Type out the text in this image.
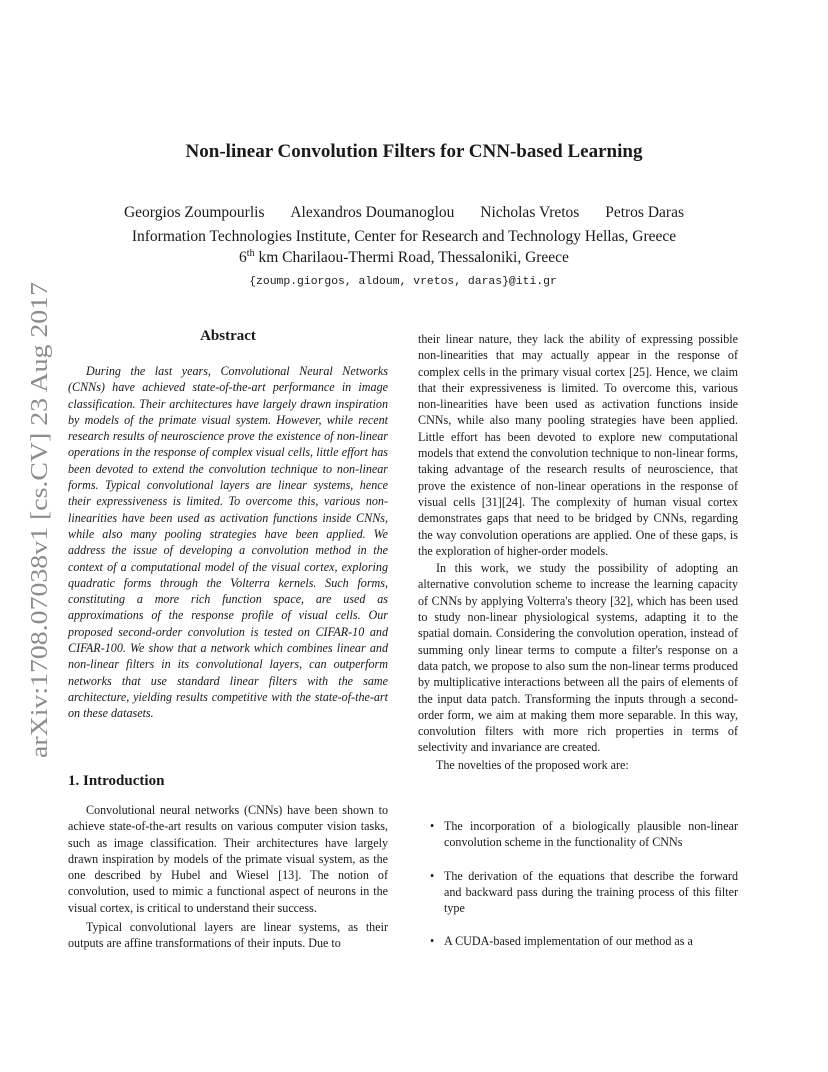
arXiv:1708.07038v1 [cs.CV] 23 Aug 2017
Non-linear Convolution Filters for CNN-based Learning
Georgios Zoumpourlis Alexandros Doumanoglou Nicholas Vretos Petros Daras
Information Technologies Institute, Center for Research and Technology Hellas, Greece
6th km Charilaou-Thermi Road, Thessaloniki, Greece
{zoump.giorgos, aldoum, vretos, daras}@iti.gr
Abstract

During the last years, Convolutional Neural Networks (CNNs) have achieved state-of-the-art performance in image classification. Their architectures have largely drawn inspiration by models of the primate visual system. However, while recent research results of neuroscience prove the existence of non-linear operations in the response of complex visual cells, little effort has been devoted to extend the convolution technique to non-linear forms. Typical convolutional layers are linear systems, hence their expressiveness is limited. To overcome this, various non-linearities have been used as activation functions inside CNNs, while also many pooling strategies have been applied. We address the issue of developing a convolution method in the context of a computational model of the visual cortex, exploring quadratic forms through the Volterra kernels. Such forms, constituting a more rich function space, are used as approximations of the response profile of visual cells. Our proposed second-order convolution is tested on CIFAR-10 and CIFAR-100. We show that a network which combines linear and non-linear filters in its convolutional layers, can outperform networks that use standard linear filters with the same architecture, yielding results competitive with the state-of-the-art on these datasets.

1. Introduction

Convolutional neural networks (CNNs) have been shown to achieve state-of-the-art results on various computer vision tasks, such as image classification. Their architectures have largely drawn inspiration by models of the primate visual system, as the one described by Hubel and Wiesel [13]. The notion of convolution, used to mimic a functional aspect of neurons in the visual cortex, is critical to understand their success.

Typical convolutional layers are linear systems, as their outputs are affine transformations of their inputs. Due to

their linear nature, they lack the ability of expressing possible non-linearities that may actually appear in the response of complex cells in the primary visual cortex [25]. Hence, we claim that their expressiveness is limited. To overcome this, various non-linearities have been used as activation functions inside CNNs, while also many pooling strategies have been applied. Little effort has been devoted to explore new computational models that extend the convolution technique to non-linear forms, taking advantage of the research results of neuroscience, that prove the existence of non-linear operations in the response of visual cells [31][24]. The complexity of human visual cortex demonstrates gaps that need to be bridged by CNNs, regarding the way convolution operations are applied. One of these gaps, is the exploration of higher-order models.

In this work, we study the possibility of adopting an alternative convolution scheme to increase the learning capacity of CNNs by applying Volterra's theory [32], which has been used to study non-linear physiological systems, adapting it to the spatial domain. Considering the convolution operation, instead of summing only linear terms to compute a filter's response on a data patch, we propose to also sum the non-linear terms produced by multiplicative interactions between all the pairs of elements of the input data patch. Transforming the inputs through a second-order form, we aim at making them more separable. In this way, convolution filters with more rich properties in terms of selectivity and invariance are created.

The novelties of the proposed work are:

• The incorporation of a biologically plausible non-linear convolution scheme in the functionality of CNNs
• The derivation of the equations that describe the forward and backward pass during the training process of this filter type
• A CUDA-based implementation of our method as a
